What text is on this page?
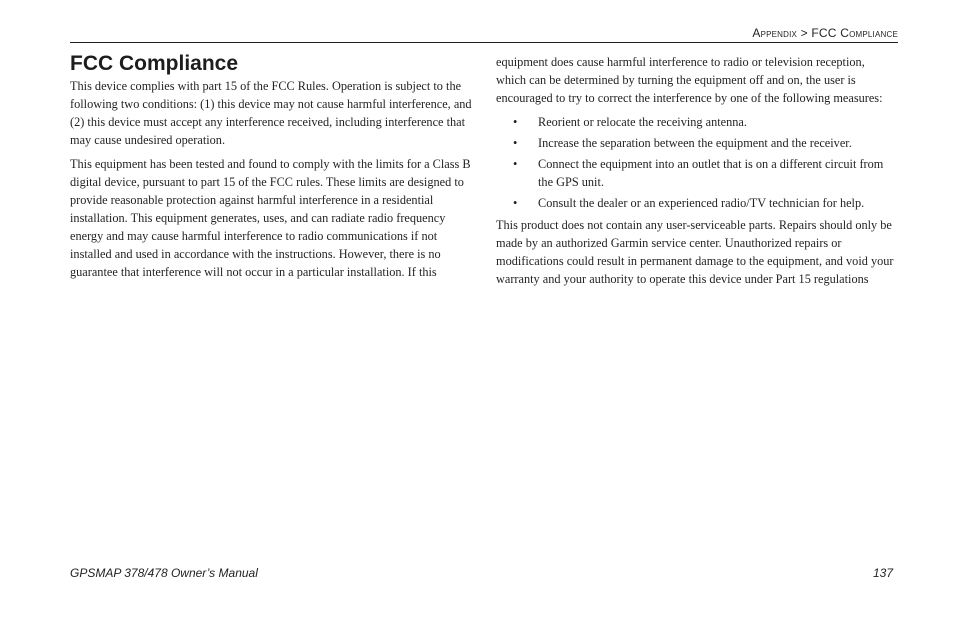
Appendix > FCC Compliance
FCC Compliance

This device complies with part 15 of the FCC Rules. Operation is subject to the following two conditions: (1) this device may not cause harmful interference, and (2) this device must accept any interference received, including interference that may cause undesired operation.

This equipment has been tested and found to comply with the limits for a Class B digital device, pursuant to part 15 of the FCC rules. These limits are designed to provide reasonable protection against harmful interference in a residential installation. This equipment generates, uses, and can radiate radio frequency energy and may cause harmful interference to radio communications if not installed and used in accordance with the instructions. However, there is no guarantee that interference will not occur in a particular installation. If this

equipment does cause harmful interference to radio or television reception, which can be determined by turning the equipment off and on, the user is encouraged to try to correct the interference by one of the following measures:

• Reorient or relocate the receiving antenna.
• Increase the separation between the equipment and the receiver.
• Connect the equipment into an outlet that is on a different circuit from the GPS unit.
• Consult the dealer or an experienced radio/TV technician for help.

This product does not contain any user-serviceable parts. Repairs should only be made by an authorized Garmin service center. Unauthorized repairs or modifications could result in permanent damage to the equipment, and void your warranty and your authority to operate this device under Part 15 regulations

GPSMAP 378/478 Owner’s Manual	137
